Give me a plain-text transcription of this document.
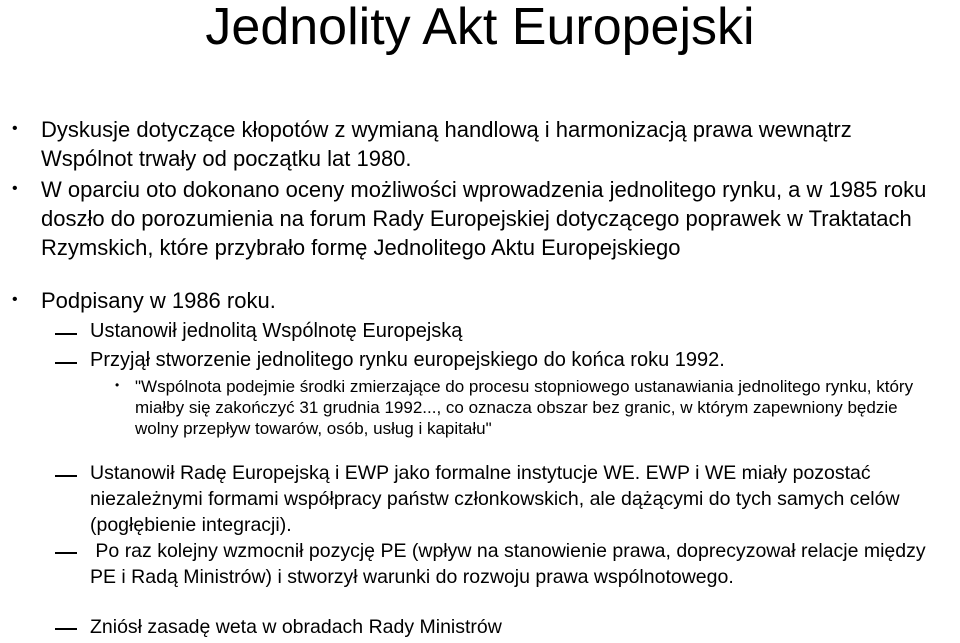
Jednolity Akt Europejski
• Dyskusje dotyczące kłopotów z wymianą handlową i harmonizacją prawa wewnątrz Wspólnot trwały od początku lat 1980.
• W oparciu oto dokonano oceny możliwości wprowadzenia jednolitego rynku, a w 1985 roku doszło do porozumienia na forum Rady Europejskiej dotyczącego poprawek w Traktatach Rzymskich, które przybrało formę Jednolitego Aktu Europejskiego
• Podpisany w 1986 roku.
Ustanowił jednolitą Wspólnotę Europejską
Przyjął stworzenie jednolitego rynku europejskiego do końca roku 1992.
• "Wspólnota podejmie środki zmierzające do procesu stopniowego ustanawiania jednolitego rynku, który miałby się zakończyć 31 grudnia 1992..., co oznacza obszar bez granic, w którym zapewniony będzie wolny przepływ towarów, osób, usług i kapitału"
Ustanowił Radę Europejską i EWP jako formalne instytucje WE. EWP i WE miały pozostać niezależnymi formami współpracy państw członkowskich, ale dążącymi do tych samych celów (pogłębienie integracji).
Po raz kolejny wzmocnił pozycję PE (wpływ na stanowienie prawa, doprecyzował relacje między PE i Radą Ministrów) i stworzył warunki do rozwoju prawa wspólnotowego.
Zniósł zasadę weta w obradach Rady Ministrów
